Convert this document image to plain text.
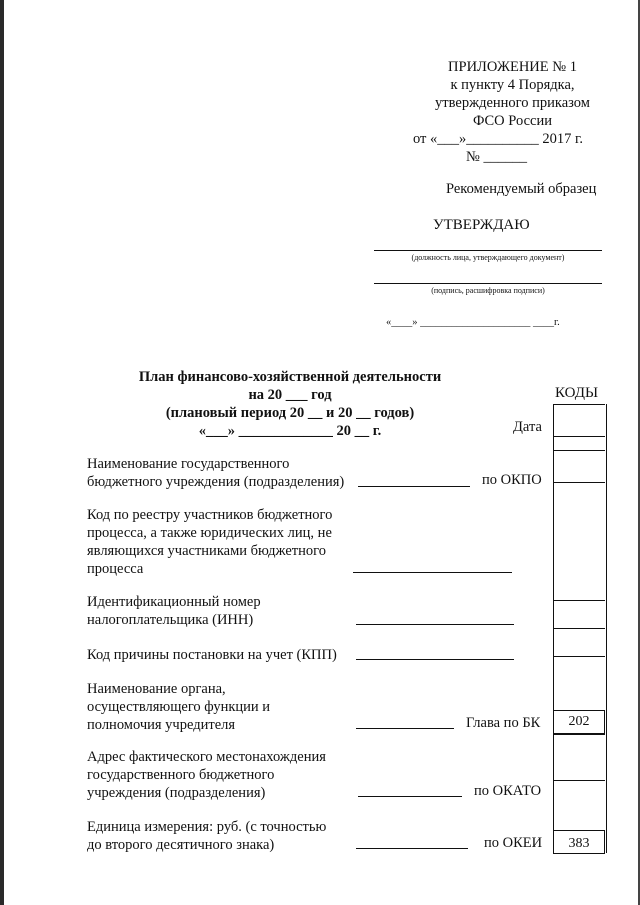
ПРИЛОЖЕНИЕ № 1
к пункту 4 Порядка,
утвержденного приказом
ФСО России
от «___»__________ 2017 г.
№ ______
Рекомендуемый образец
УТВЕРЖДАЮ
(должность лица, утверждающего документ)
(подпись, расшифровка подписи)
«____» _____________________ ____г.
План финансово-хозяйственной деятельности
на 20 ___ год
(плановый период 20 __ и 20 __ годов)
«___» _____________ 20 __ г.
КОДЫ
Дата
Наименование государственного
бюджетного учреждения (подразделения)	по ОКПО
Код по реестру участников бюджетного
процесса, а также юридических лиц, не
являющихся участниками бюджетного
процесса
Идентификационный номер
налогоплательщика (ИНН)
Код причины постановки на учет (КПП)
Наименование органа,
осуществляющего функции и
полномочия учредителя	Глава по БК	202
Адрес фактического местонахождения
государственного бюджетного
учреждения (подразделения)	по ОКАТО
Единица измерения: руб. (с точностью
до второго десятичного знака)	по ОКЕИ	383
